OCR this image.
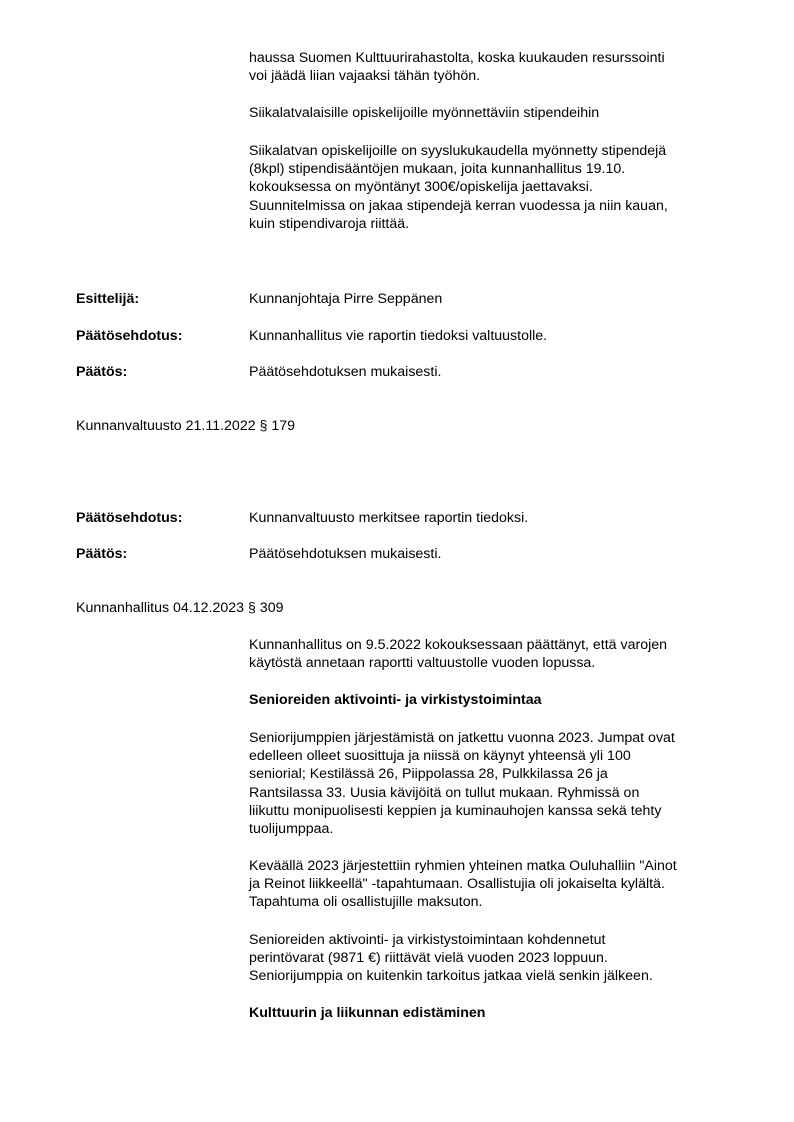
haussa Suomen Kulttuurirahastolta, koska kuukauden resurssointi
voi jäädä liian vajaaksi tähän työhön.
Siikalatvalaisille opiskelijoille myönnettäviin stipendeihin
Siikalatvan opiskelijoille on syyslukukaudella myönnetty stipendejä
(8kpl) stipendisääntöjen mukaan, joita kunnanhallitus 19.10.
kokouksessa on myöntänyt 300€/opiskelija jaettavaksi.
Suunnitelmissa on jakaa stipendejä kerran vuodessa ja niin kauan,
kuin stipendivaroja riittää.
Esittelijä:	Kunnanjohtaja Pirre Seppänen
Päätösehdotus:	Kunnanhallitus vie raportin tiedoksi valtuustolle.
Päätös:	Päätösehdotuksen mukaisesti.
Kunnanvaltuusto 21.11.2022 § 179
Päätösehdotus:	Kunnanvaltuusto merkitsee raportin tiedoksi.
Päätös:	Päätösehdotuksen mukaisesti.
Kunnanhallitus 04.12.2023 § 309
Kunnanhallitus on 9.5.2022 kokouksessaan päättänyt, että varojen
käytöstä annetaan raportti valtuustolle vuoden lopussa.
Senioreiden aktivointi- ja virkistystoimintaa
Seniorijumppien järjestämistä on jatkettu vuonna 2023. Jumpat ovat
edelleen olleet suosittuja ja niissä on käynyt yhteensä yli 100
seniorial; Kestilässä 26, Piippolassa 28, Pulkkilassa 26 ja
Rantsilassa 33. Uusia kävijöitä on tullut mukaan. Ryhmissä on
liikuttu monipuolisesti keppien ja kuminauhojen kanssa sekä tehty
tuolijumppaa.
Keväällä 2023 järjestettiin ryhmien yhteinen matka Ouluhalliin "Ainot
ja Reinot liikkeellä" -tapahtumaan. Osallistujia oli jokaiselta kylältä.
Tapahtuma oli osallistujille maksuton.
Senioreiden aktivointi- ja virkistystoimintaan kohdennetut
perintövarat (9871 €) riittävät vielä vuoden 2023 loppuun.
Seniorijumppia on kuitenkin tarkoitus jatkaa vielä senkin jälkeen.
Kulttuurin ja liikunnan edistäminen
